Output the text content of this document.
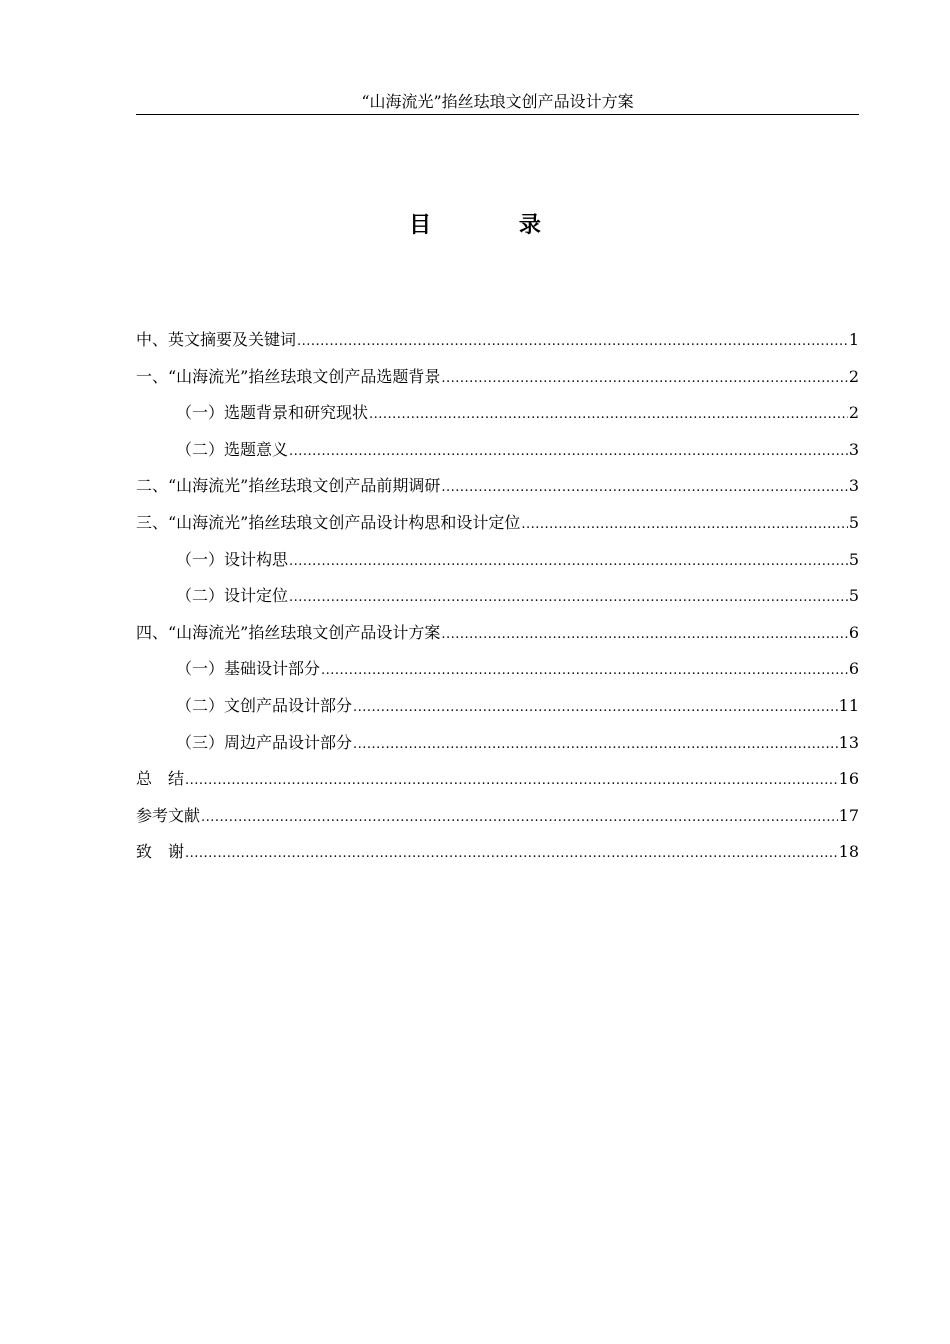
“山海流光”掐丝珐琅文创产品设计方案
目 录
中、英文摘要及关键词 .....	1
一、“山海流光”掐丝珐琅文创产品选题背景 .....	2
（一）选题背景和研究现状 .....	2
（二）选题意义 .....	3
二、“山海流光”掐丝珐琅文创产品前期调研 .....	3
三、“山海流光”掐丝珐琅文创产品设计构思和设计定位 .....	5
（一）设计构思 .....	5
（二）设计定位 .....	5
四、“山海流光”掐丝珐琅文创产品设计方案 .....	6
（一）基础设计部分 .....	6
（二）文创产品设计部分 .....	11
（三）周边产品设计部分 .....	13
总　结 .....	16
参考文献 .....	17
致　谢 .....	18
